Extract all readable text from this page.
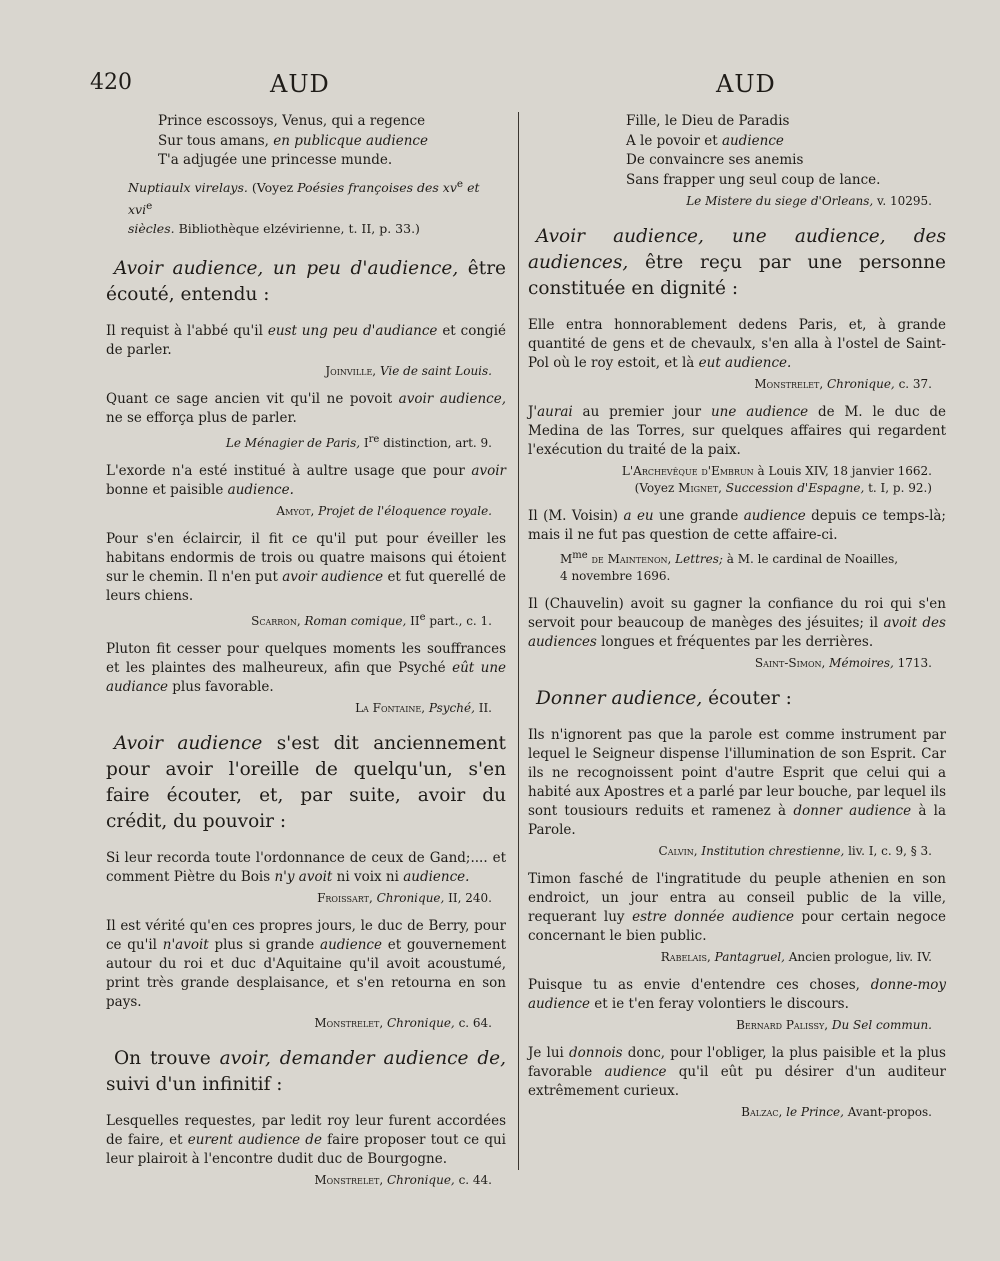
420	AUD	AUD

Prince escossoys, Venus, qui a regence

Sur tous amans, en publicque audience

T'a adjugée une princesse munde.

Nuptiaulx virelays. (Voyez Poésies françoises des $xv^e$ et xvi$^e$
siècles. Bibliothèque elzévirienne, t. II, p. 33.)

Avoir audience, un peu d'audience, être écouté, entendu :

Il requist à l'abbé qu'il eust ung peu d'audiance et congié de parler.

Joinville, Vie de saint Louis.

Quant ce sage ancien vit qu'il ne povoit avoir audience, ne se efforça plus de parler.

Le Ménagier de Paris, Ire distinction, art. 9.

L'exorde n'a esté institué à aultre usage que pour avoir bonne et paisible audience.

Amyot, Projet de l'éloquence royale.

Pour s'en éclaircir, il fit ce qu'il put pour éveiller les habitans endormis de trois ou quatre maisons qui étoient sur le chemin. Il n'en put avoir audience et fut querellé de leurs chiens.

Scarron, Roman comique, IIe part., c. 1.

Pluton fit cesser pour quelques moments les souffrances et les plaintes des malheureux, afin que Psyché eût une audiance plus favorable.

La Fontaine, Psyché, II.

Avoir audience s'est dit anciennement pour avoir l'oreille de quelqu'un, s'en faire écouter, et, par suite, avoir du crédit, du pouvoir :

Si leur recorda toute l'ordonnance de ceux de Gand;.... et comment Piètre du Bois n'y avoit ni voix ni audience.

Froissart, Chronique, II, 240.

Il est vérité qu'en ces propres jours, le duc de Berry, pour ce qu'il n'avoit plus si grande audience et gouvernement autour du roi et duc d'Aquitaine qu'il avoit acoustumé, print très grande desplaisance, et s'en retourna en son pays.

Monstrelet, Chronique, c. 64.

On trouve avoir, demander audience de, suivi d'un infinitif :

Lesquelles requestes, par ledit roy leur furent accordées de faire, et eurent audience de faire proposer tout ce qui leur plairoit à l'encontre dudit duc de Bourgogne.

Monstrelet, Chronique, c. 44.

Fille, le Dieu de Paradis

A le povoir et audience

De convaincre ses anemis

Sans frapper ung seul coup de lance.

Le Mistere du siege d'Orleans, v. 10295.

Avoir audience, une audience, des audiences, être reçu par une personne constituée en dignité :

Elle entra honnorablement dedens Paris, et, à grande quantité de gens et de chevaulx, s'en alla à l'ostel de Saint-Pol où le roy estoit, et là eut audience.

Monstrelet, Chronique, c. 37.

J'aurai au premier jour une audience de M. le duc de Medina de las Torres, sur quelques affaires qui regardent l'exécution du traité de la paix.

L'Archevêque d'Embrun à Louis XIV, 18 janvier 1662.

(Voyez Mignet, Succession d'Espagne, t. I, p. 92.)

Il (M. Voisin) a eu une grande audience depuis ce temps-là; mais il ne fut pas question de cette affaire-ci.

$M^{me}$ de Maintenon, Lettres; à M. le cardinal de Noailles,
4 novembre 1696.

Il (Chauvelin) avoit su gagner la confiance du roi qui s'en servoit pour beaucoup de manèges des jésuites; il avoit des audiences longues et fréquentes par les derrières.

Saint-Simon, Mémoires, 1713.

Donner audience, écouter :

Ils n'ignorent pas que la parole est comme instrument par lequel le Seigneur dispense l'illumination de son Esprit. Car ils ne recognoissent point d'autre Esprit que celui qui a habité aux Apostres et a parlé par leur bouche, par lequel ils sont tousiours reduits et ramenez à donner audience à la Parole.

Calvin, Institution chrestienne, liv. I, c. 9, § 3.

Timon fasché de l'ingratitude du peuple athenien en son endroict, un jour entra au conseil public de la ville, requerant luy estre donnée audience pour certain negoce concernant le bien public.

Rabelais, Pantagruel, Ancien prologue, liv. IV.

Puisque tu as envie d'entendre ces choses, donne-moy audience et ie t'en feray volontiers le discours.

Bernard Palissy, Du Sel commun.

Je lui donnois donc, pour l'obliger, la plus paisible et la plus favorable audience qu'il eût pu désirer d'un auditeur extrêmement curieux.

Balzac, le Prince, Avant-propos.
